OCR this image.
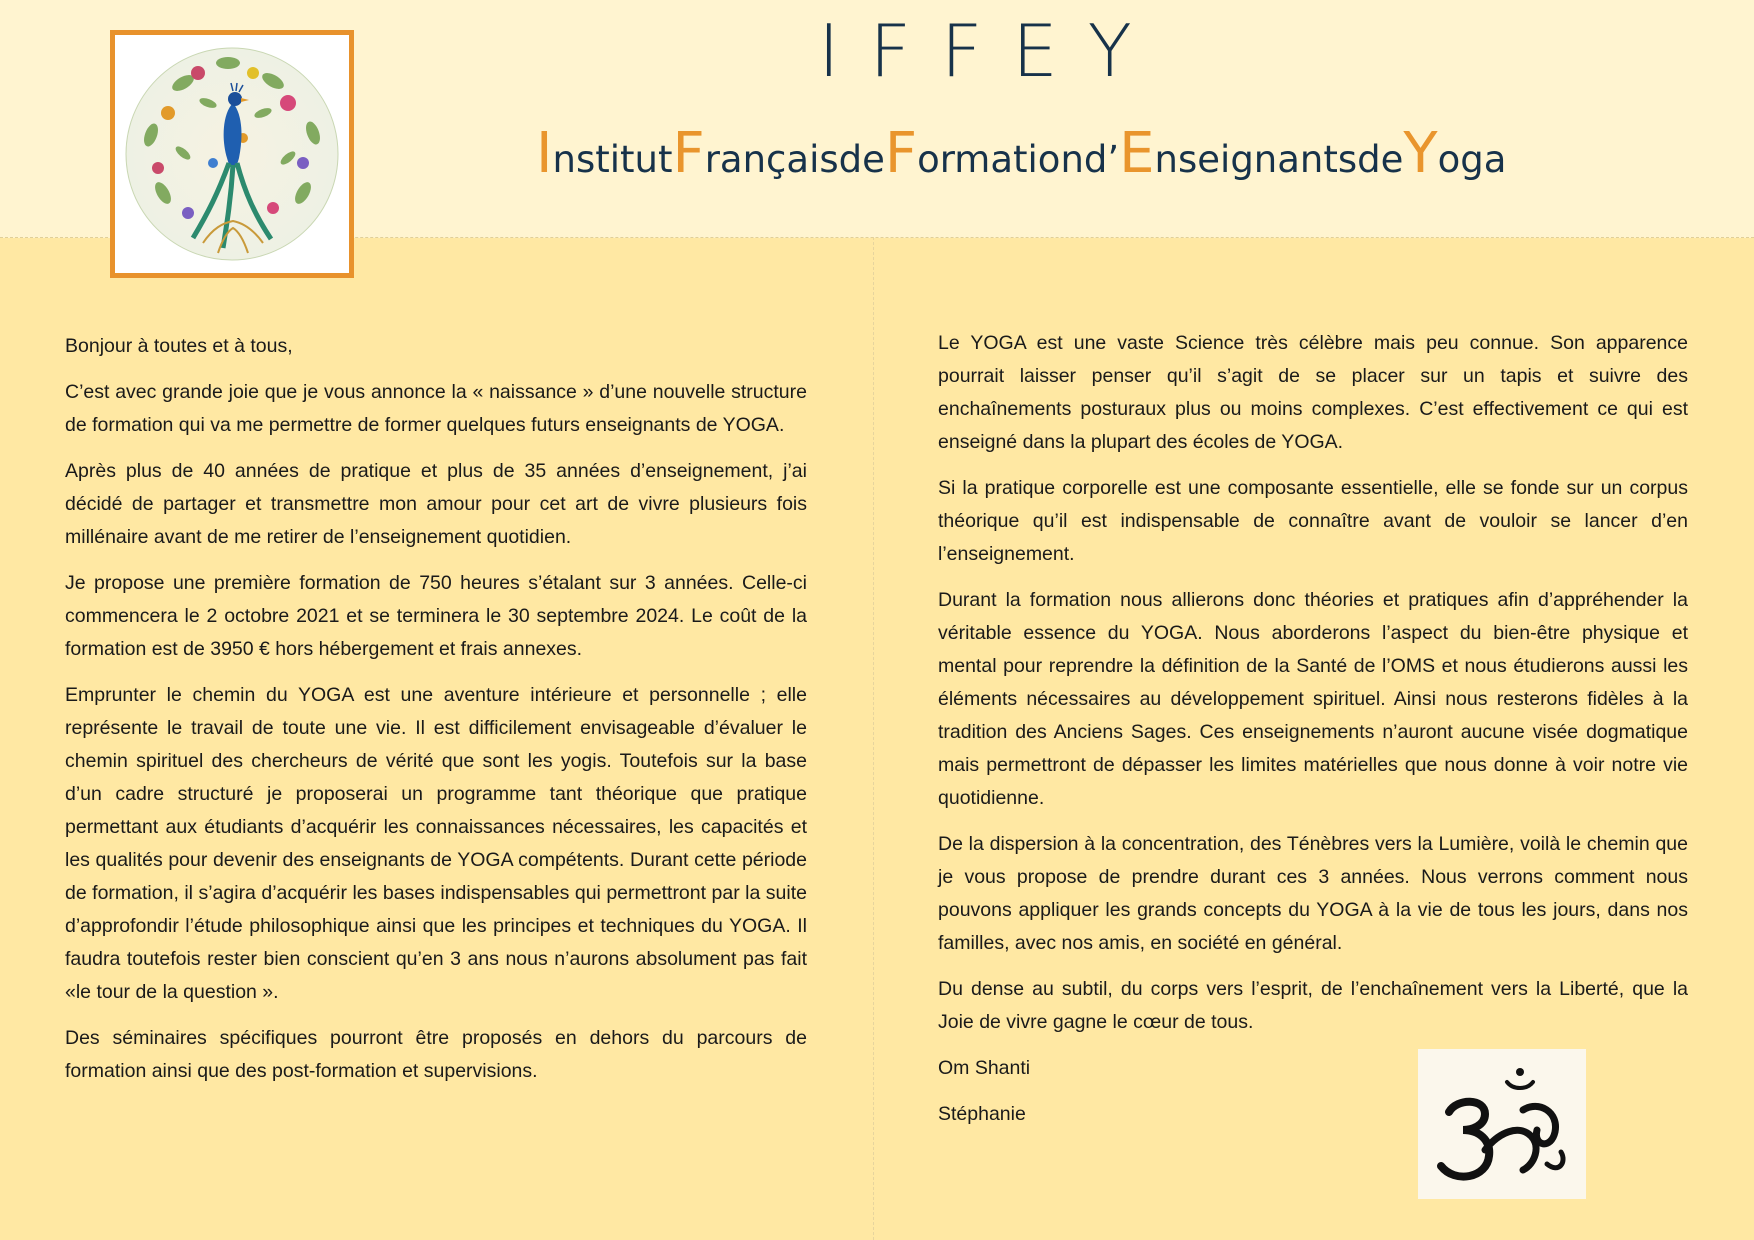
IFFEY
Institut Français de Formation d’Enseignants de Yoga

Bonjour à toutes et à tous,

C’est avec grande joie que je vous annonce la « naissance » d’une nouvelle structure de formation qui va me permettre de former quelques futurs enseignants de YOGA.

Après plus de 40 années de pratique et plus de 35 années d’enseignement, j’ai décidé de partager et transmettre mon amour pour cet art de vivre plusieurs fois millénaire avant de me retirer de l’enseignement quotidien.

Je propose une première formation de 750 heures s’étalant sur 3 années. Celle-ci commencera le 2 octobre 2021 et se terminera le 30 septembre 2024. Le coût de la formation est de 3950 € hors hébergement et frais annexes.

Emprunter le chemin du YOGA est une aventure intérieure et personnelle ; elle représente le travail de toute une vie. Il est difficilement envisageable d’évaluer le chemin spirituel des chercheurs de vérité que sont les yogis. Toutefois sur la base d’un cadre structuré je proposerai un programme tant théorique que pratique permettant aux étudiants d’acquérir les connaissances nécessaires, les capacités et les qualités pour devenir des enseignants de YOGA compétents. Durant cette période de formation, il s’agira d’acquérir les bases indispensables qui permettront par la suite d’approfondir l’étude philosophique ainsi que les principes et techniques du YOGA. Il faudra toutefois rester bien conscient qu’en 3 ans nous n’aurons absolument pas fait «le tour de la question ».

Des séminaires spécifiques pourront être proposés en dehors du parcours de formation ainsi que des post-formation et supervisions.

Le YOGA est une vaste Science très célèbre mais peu connue. Son apparence pourrait laisser penser qu’il s’agit de se placer sur un tapis et suivre des enchaînements posturaux plus ou moins complexes. C’est effectivement ce qui est enseigné dans la plupart des écoles de YOGA.

Si la pratique corporelle est une composante essentielle, elle se fonde sur un corpus théorique qu’il est indispensable de connaître avant de vouloir se lancer d’en l’enseignement.

Durant la formation nous allierons donc théories et pratiques afin d’appréhender la véritable essence du YOGA. Nous aborderons l’aspect du bien-être physique et mental pour reprendre la définition de la Santé de l’OMS et nous étudierons aussi les éléments nécessaires au développement spirituel. Ainsi nous resterons fidèles à la tradition des Anciens Sages. Ces enseignements n’auront aucune visée dogmatique mais permettront de dépasser les limites matérielles que nous donne à voir notre vie quotidienne.

De la dispersion à la concentration, des Ténèbres vers la Lumière, voilà le chemin que je vous propose de prendre durant ces 3 années. Nous verrons comment nous pouvons appliquer les grands concepts du YOGA à la vie de tous les jours, dans nos familles, avec nos amis, en société en général.

Du dense au subtil, du corps vers l’esprit, de l’enchaînement vers la Liberté, que la Joie de vivre gagne le cœur de tous.

Om Shanti

Stéphanie
